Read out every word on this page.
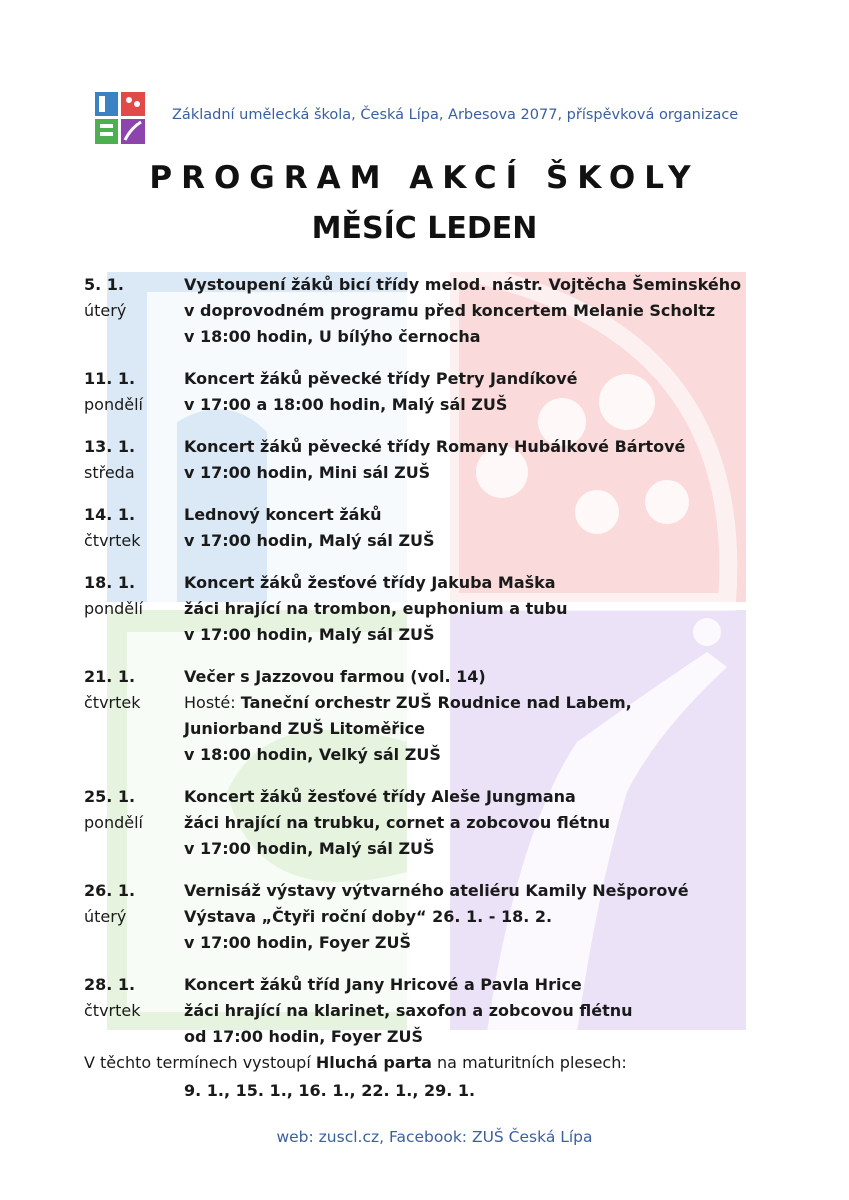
Základní umělecká škola, Česká Lípa, Arbesova 2077, příspěvková organizace
PROGRAM AKCÍ ŠKOLY
MĚSÍC LEDEN
5. 1.
úterý
Vystoupení žáků bicí třídy melod. nástr. Vojtěcha Šeminského
v doprovodném programu před koncertem Melanie Scholtz
v 18:00 hodin, U bílýho černocha
11. 1.
pondělí
Koncert žáků pěvecké třídy Petry Jandíkové
v 17:00 a 18:00 hodin, Malý sál ZUŠ
13. 1.
středa
Koncert žáků pěvecké třídy Romany Hubálkové Bártové
v 17:00 hodin, Mini sál ZUŠ
14. 1.
čtvrtek
Lednový koncert žáků
v 17:00 hodin, Malý sál ZUŠ
18. 1.
pondělí
Koncert žáků žesťové třídy Jakuba Maška
žáci hrající na trombon, euphonium a tubu
v 17:00 hodin, Malý sál ZUŠ
21. 1.
čtvrtek
Večer s Jazzovou farmou (vol. 14)
Hosté: Taneční orchestr ZUŠ Roudnice nad Labem,
Juniorband ZUŠ Litoměřice
v 18:00 hodin, Velký sál ZUŠ
25. 1.
pondělí
Koncert žáků žesťové třídy Aleše Jungmana
žáci hrající na trubku, cornet a zobcovou flétnu
v 17:00 hodin, Malý sál ZUŠ
26. 1.
úterý
Vernisáž výstavy výtvarného ateliéru Kamily Nešporové
Výstava „Čtyři roční doby“ 26. 1. - 18. 2.
v 17:00 hodin, Foyer ZUŠ
28. 1.
čtvrtek
Koncert žáků tříd Jany Hricové a Pavla Hrice
žáci hrající na klarinet, saxofon a zobcovou flétnu
od 17:00 hodin, Foyer ZUŠ
V těchto termínech vystoupí Hluchá parta na maturitních plesech:
9. 1., 15. 1., 16. 1., 22. 1., 29. 1.
web: zuscl.cz, Facebook: ZUŠ Česká Lípa
